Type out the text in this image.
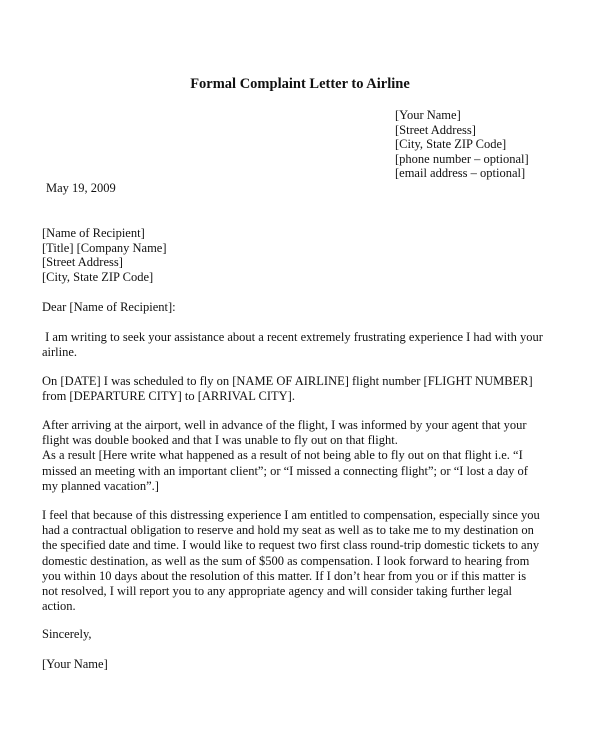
Formal Complaint Letter to Airline
[Your Name]
[Street Address]
[City, State ZIP Code]
[phone number – optional]
[email address – optional]
May 19, 2009
[Name of Recipient]
[Title] [Company Name]
[Street Address]
[City, State ZIP Code]
Dear [Name of Recipient]:
I am writing to seek your assistance about a recent extremely frustrating experience I had with your
airline.
On [DATE] I was scheduled to fly on [NAME OF AIRLINE] flight number [FLIGHT NUMBER]
from [DEPARTURE CITY] to [ARRIVAL CITY].
After arriving at the airport, well in advance of the flight, I was informed by your agent that your
flight was double booked and that I was unable to fly out on that flight.
As a result [Here write what happened as a result of not being able to fly out on that flight i.e. “I
missed an meeting with an important client”; or “I missed a connecting flight”; or “I lost a day of
my planned vacation”.]
I feel that because of this distressing experience I am entitled to compensation, especially since you
had a contractual obligation to reserve and hold my seat as well as to take me to my destination on
the specified date and time. I would like to request two first class round-trip domestic tickets to any
domestic destination, as well as the sum of $500 as compensation. I look forward to hearing from
you within 10 days about the resolution of this matter. If I don’t hear from you or if this matter is
not resolved, I will report you to any appropriate agency and will consider taking further legal
action.
Sincerely,
[Your Name]
